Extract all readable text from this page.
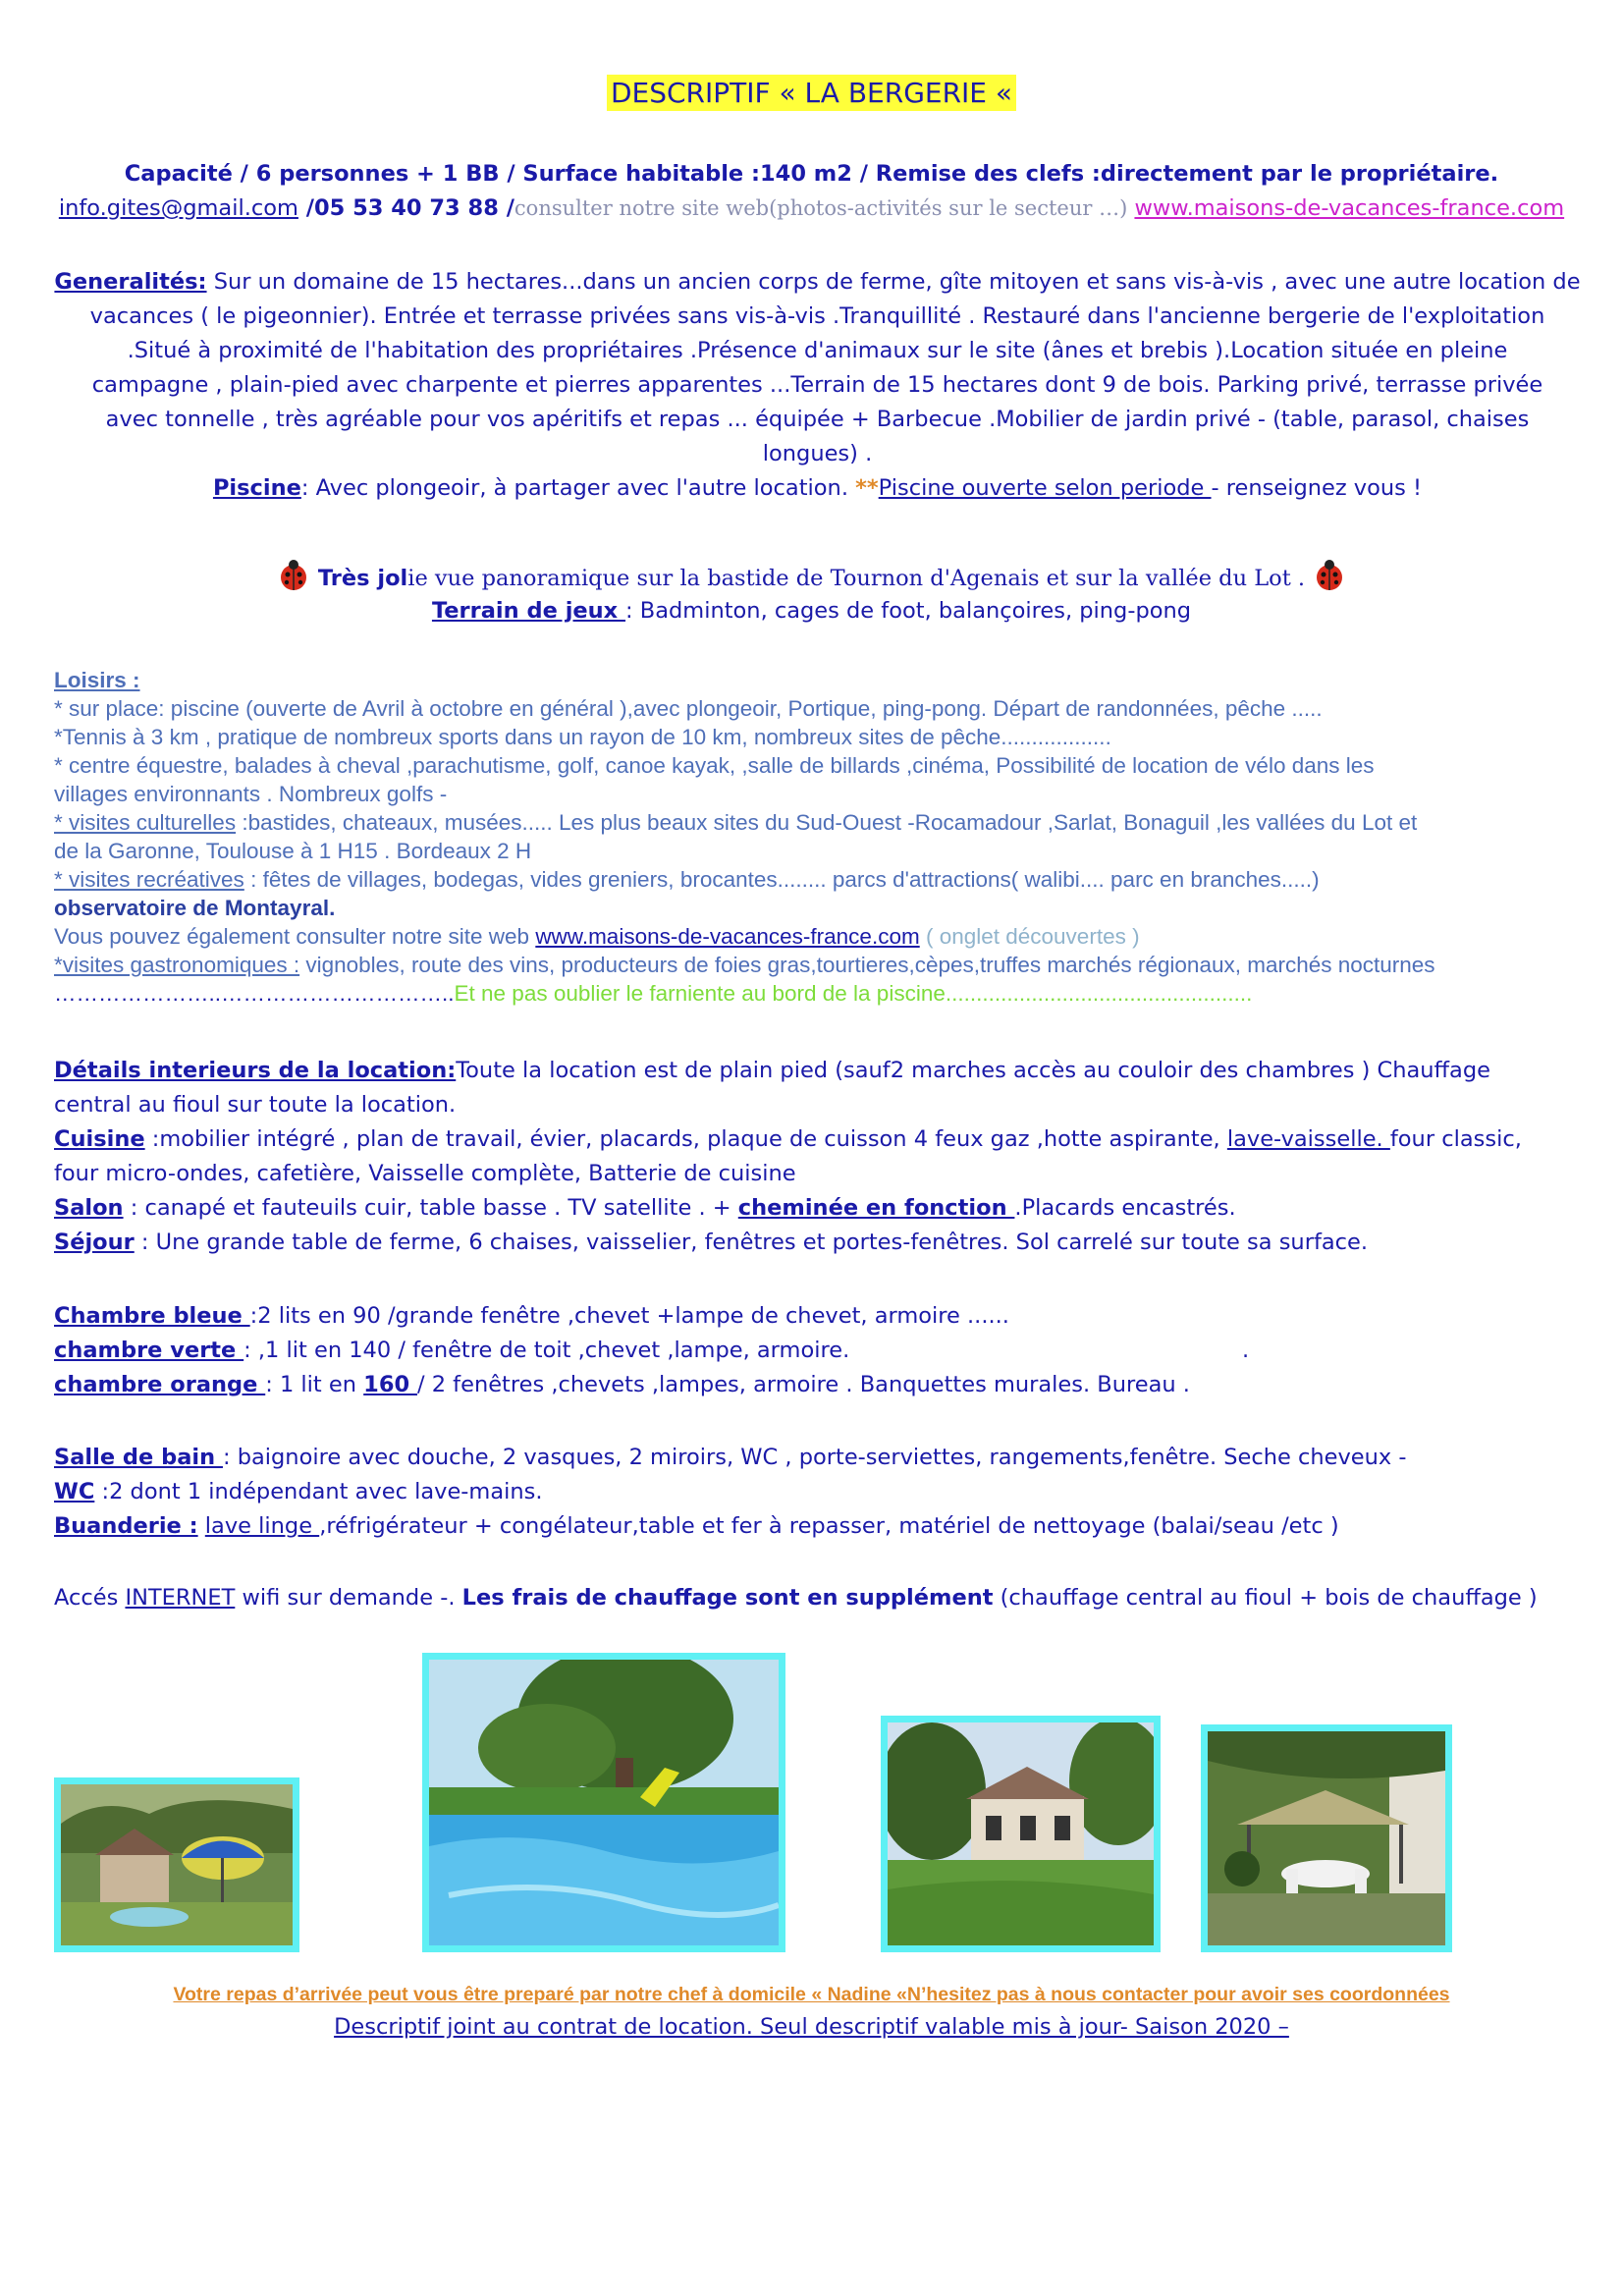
DESCRIPTIF « LA BERGERIE «
Capacité / 6 personnes + 1 BB / Surface habitable :140 m2 / Remise des clefs :directement par le propriétaire.
info.gites@gmail.com /05 53 40 73 88 /consulter notre site web(photos-activités sur le secteur …) www.maisons-de-vacances-france.com
Generalités: Sur un domaine de 15 hectares...dans un ancien corps de ferme, gîte mitoyen et sans vis-à-vis , avec une autre location de
vacances ( le pigeonnier). Entrée et terrasse privées sans vis-à-vis .Tranquillité . Restauré dans l'ancienne bergerie de l'exploitation
.Situé à proximité de l'habitation des propriétaires .Présence d'animaux sur le site (ânes et brebis ).Location située en pleine
campagne , plain-pied avec charpente et pierres apparentes ...Terrain de 15 hectares dont 9 de bois. Parking privé, terrasse privée
avec tonnelle , très agréable pour vos apéritifs et repas ... équipée + Barbecue .Mobilier de jardin privé - (table, parasol, chaises
longues) .
Piscine: Avec plongeoir, à partager avec l'autre location. **Piscine ouverte selon periode - renseignez vous !
Très jolie vue panoramique sur la bastide de Tournon d'Agenais et sur la vallée du Lot .
Terrain de jeux : Badminton, cages de foot, balançoires, ping-pong
Loisirs :
* sur place: piscine (ouverte de Avril à octobre en général ),avec plongeoir, Portique, ping-pong. Départ de randonnées, pêche .....
*Tennis à 3 km , pratique de nombreux sports dans un rayon de 10 km, nombreux sites de pêche..................
* centre équestre, balades à cheval ,parachutisme, golf, canoe kayak, ,salle de billards ,cinéma, Possibilité de location de vélo dans les
villages environnants . Nombreux golfs -
* visites culturelles :bastides, chateaux, musées..... Les plus beaux sites du Sud-Ouest -Rocamadour ,Sarlat, Bonaguil ,les vallées du Lot et
de la Garonne, Toulouse à 1 H15 . Bordeaux 2 H
* visites recréatives : fêtes de villages, bodegas, vides greniers, brocantes........ parcs d'attractions( walibi.... parc en branches.....)
observatoire de Montayral.
Vous pouvez également consulter notre site web www.maisons-de-vacances-france.com ( onglet découvertes )
*visites gastronomiques : vignobles, route des vins, producteurs de foies gras,tourtieres,cèpes,truffes marchés régionaux, marchés nocturnes
…………………..…………………………..Et ne pas oublier le farniente au bord de la piscine..................................................
Détails interieurs de la location:Toute la location est de plain pied (sauf2 marches accès au couloir des chambres ) Chauffage
central au fioul sur toute la location.
Cuisine :mobilier intégré , plan de travail, évier, placards, plaque de cuisson 4 feux gaz ,hotte aspirante, lave-vaisselle. four classic,
four micro-ondes, cafetière, Vaisselle complète, Batterie de cuisine
Salon : canapé et fauteuils cuir, table basse . TV satellite . + cheminée en fonction .Placards encastrés.
Séjour : Une grande table de ferme, 6 chaises, vaisselier, fenêtres et portes-fenêtres. Sol carrelé sur toute sa surface.
Chambre bleue :2 lits en 90 /grande fenêtre ,chevet +lampe de chevet, armoire ......
chambre verte : ,1 lit en 140 / fenêtre de toit ,chevet ,lampe, armoire.	.
chambre orange : 1 lit en 160 / 2 fenêtres ,chevets ,lampes, armoire . Banquettes murales. Bureau .
Salle de bain : baignoire avec douche, 2 vasques, 2 miroirs, WC , porte-serviettes, rangements,fenêtre. Seche cheveux -
WC :2 dont 1 indépendant avec lave-mains.
Buanderie : lave linge ,réfrigérateur + congélateur,table et fer à repasser, matériel de nettoyage (balai/seau /etc )
Accés INTERNET wifi sur demande -. Les frais de chauffage sont en supplément (chauffage central au fioul + bois de chauffage )
Votre repas d’arrivée peut vous être preparé par notre chef à domicile « Nadine «N’hesitez pas à nous contacter pour avoir ses coordonnées
Descriptif joint au contrat de location. Seul descriptif valable mis à jour- Saison 2020 –
